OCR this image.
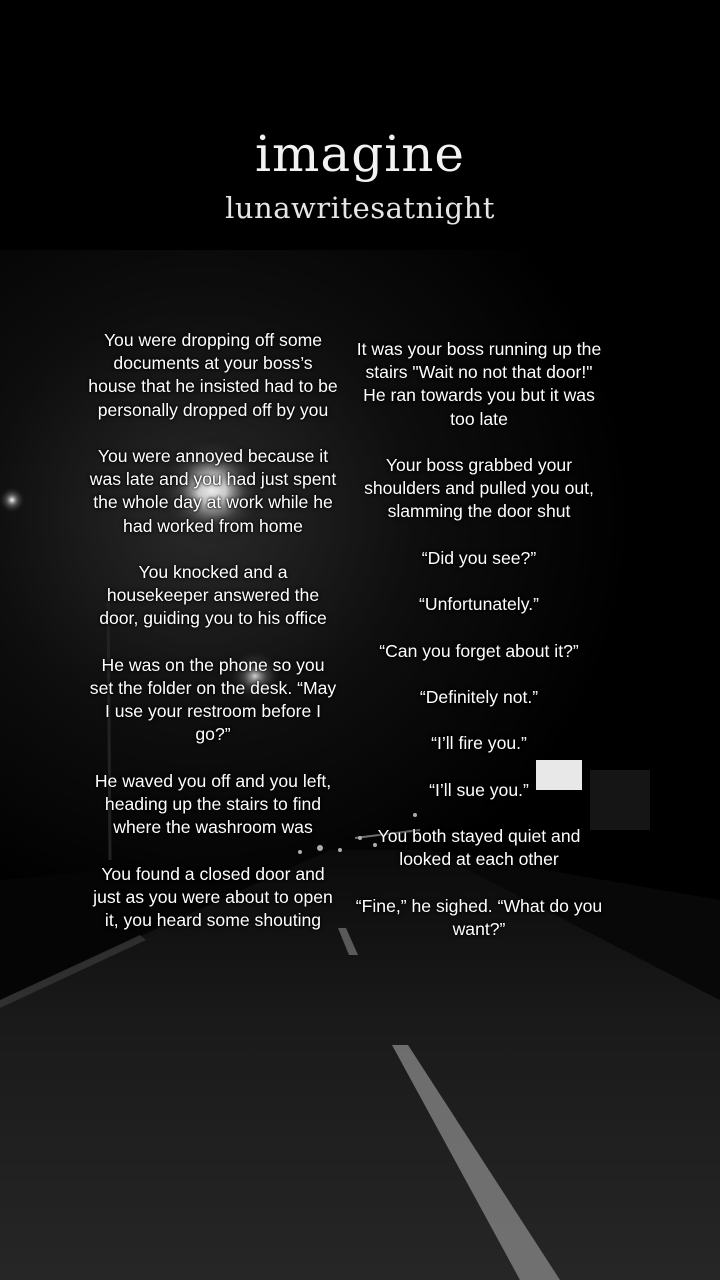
imagine
lunawritesatnight

You were dropping off some documents at your boss’s house that he insisted had to be personally dropped off by you

You were annoyed because it was late and you had just spent the whole day at work while he had worked from home

You knocked and a housekeeper answered the door, guiding you to his office

He was on the phone so you set the folder on the desk. “May I use your restroom before I go?”

He waved you off and you left, heading up the stairs to find where the washroom was

You found a closed door and just as you were about to open it, you heard some shouting

It was your boss running up the stairs "Wait no not that door!" He ran towards you but it was too late

Your boss grabbed your shoulders and pulled you out, slamming the door shut

“Did you see?”

“Unfortunately.”

“Can you forget about it?”

“Definitely not.”

“I’ll fire you.”

“I’ll sue you.”

You both stayed quiet and looked at each other

“Fine,” he sighed. “What do you want?”
